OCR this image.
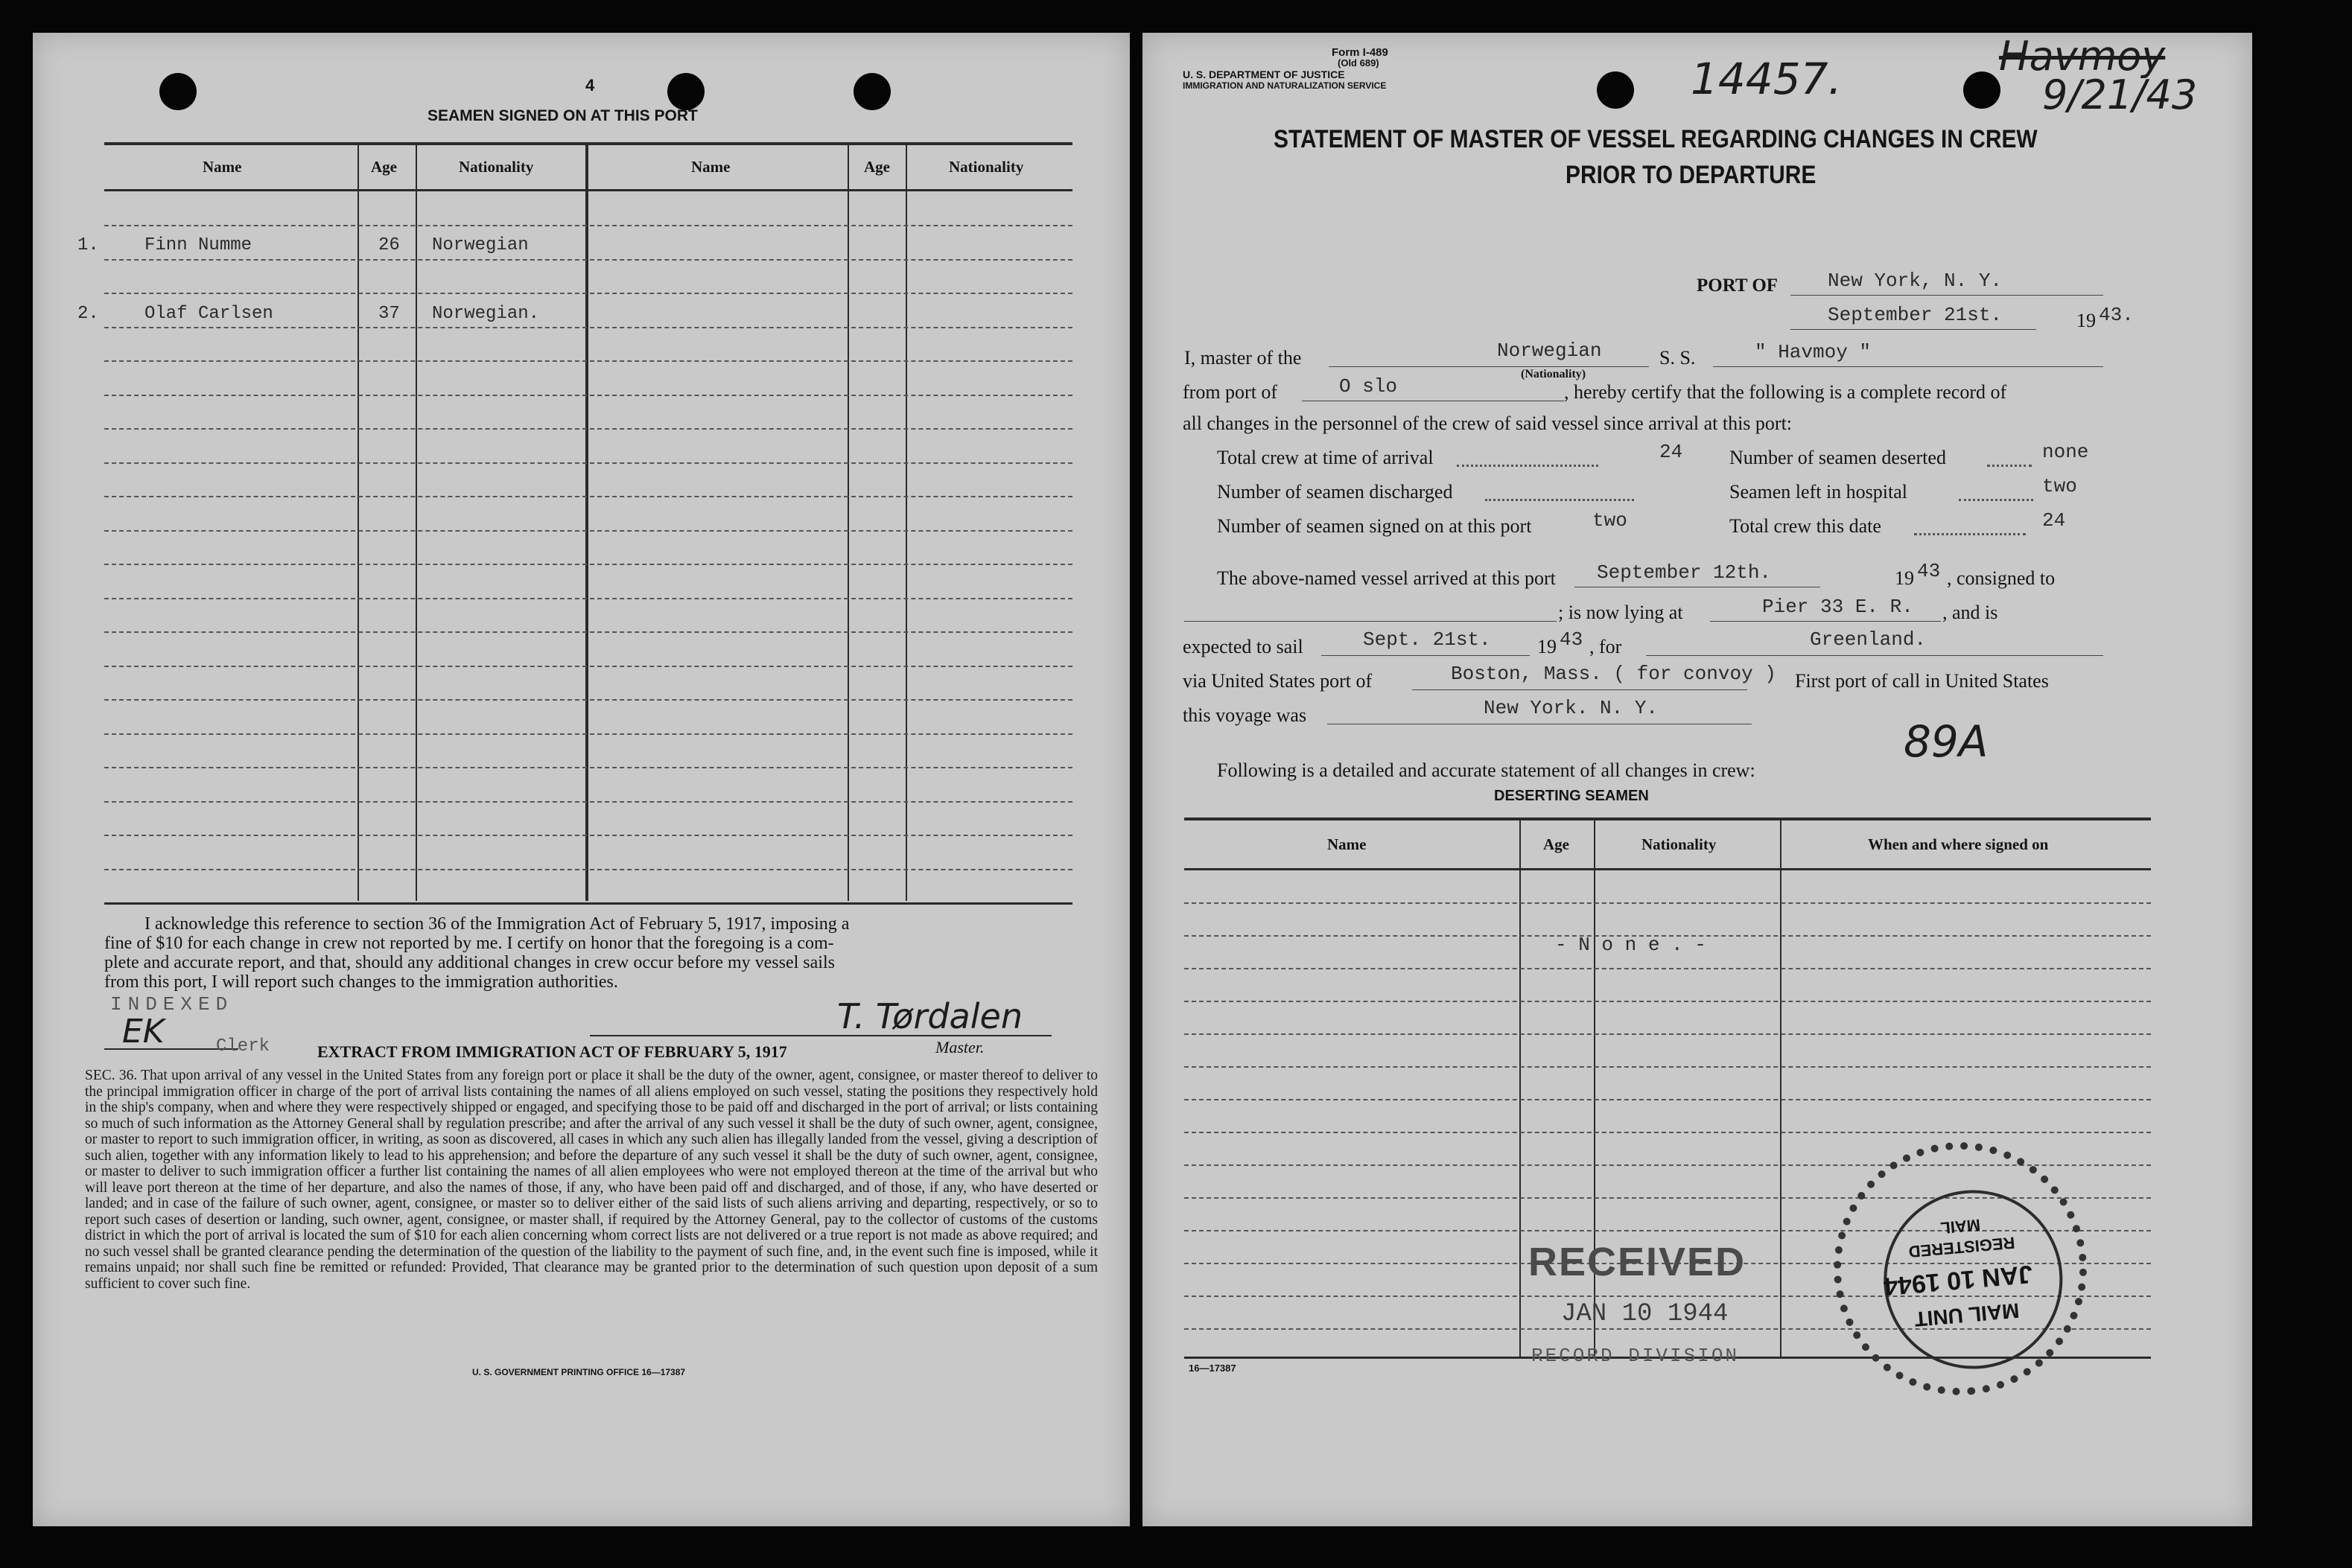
4
SEAMEN SIGNED ON AT THIS PORT
Name	Age	Nationality	Name	Age	Nationality
1.	Finn Numme	26 Norwegian
2.	Olaf Carlsen	37 Norwegian.
I acknowledge this reference to section 36 of the Immigration Act of February 5, 1917, imposing a
fine of $10 for each change in crew not reported by me. I certify on honor that the foregoing is a com-
plete and accurate report, and that, should any additional changes in crew occur before my vessel sails
from this port, I will report such changes to the immigration authorities.
INDEXED
EK	Clerk
T. Tørdalen
Master.
EXTRACT FROM IMMIGRATION ACT OF FEBRUARY 5, 1917
SEC. 36. That upon arrival of any vessel in the United States from any foreign port or place it shall be the duty of the owner, agent, consignee, or master thereof to deliver to the principal immigration officer in charge of the port of arrival lists containing the names of all aliens employed on such vessel, stating the positions they respectively hold in the ship's company, when and where they were respectively shipped or engaged, and specifying those to be paid off and discharged in the port of arrival; or lists containing so much of such information as the Attorney General shall by regulation prescribe; and after the arrival of any such vessel it shall be the duty of such owner, agent, consignee, or master to report to such immigration officer, in writing, as soon as discovered, all cases in which any such alien has illegally landed from the vessel, giving a description of such alien, together with any information likely to lead to his apprehension; and before the departure of any such vessel it shall be the duty of such owner, agent, consignee, or master to deliver to such immigration officer a further list containing the names of all alien employees who were not employed thereon at the time of the arrival but who will leave port thereon at the time of her departure, and also the names of those, if any, who have been paid off and discharged, and of those, if any, who have deserted or landed; and in case of the failure of such owner, agent, consignee, or master so to deliver either of the said lists of such aliens arriving and departing, respectively, or so to report such cases of desertion or landing, such owner, agent, consignee, or master shall, if required by the Attorney General, pay to the collector of customs of the customs district in which the port of arrival is located the sum of $10 for each alien concerning whom correct lists are not delivered or a true report is not made as above required; and no such vessel shall be granted clearance pending the determination of the question of the liability to the payment of such fine, and, in the event such fine is imposed, while it remains unpaid; nor shall such fine be remitted or refunded: Provided, That clearance may be granted prior to the determination of such question upon deposit of a sum sufficient to cover such fine.
U. S. GOVERNMENT PRINTING OFFICE 16—17387
Form I-489
(Old 689)
U. S. DEPARTMENT OF JUSTICE
IMMIGRATION AND NATURALIZATION SERVICE	14457.	Havmoy
9/21/43
STATEMENT OF MASTER OF VESSEL REGARDING CHANGES IN CREW
PRIOR TO DEPARTURE
PORT OF	New York, N. Y.
September 21st.	19 43.
I, master of the	Norwegian
(Nationality)
S. S.	" Havmoy "
from port of	O slo	, hereby certify that the following is a complete record of
all changes in the personnel of the crew of said vessel since arrival at this port:
Total crew at time of arrival	24 Number of seamen deserted	none
Number of seamen discharged	Seamen left in hospital	two
Number of seamen signed on at this port	two	Total crew this date	24
The above-named vessel arrived at this port September 12th.	19 43 , consigned to
; is now lying at	Pier 33 E. R. , and is
expected to sail	Sept. 21st. 19 43 , for	Greenland.
via United States port of	Boston, Mass. ( for convoy ) First port of call in United States
this voyage was	New York. N. Y.
89A
Following is a detailed and accurate statement of all changes in crew:
DESERTING SEAMEN
Name	Age	Nationality	When and where signed on
- N o n e . -
RECEIVED
JAN 10 1944
RECORD DIVISION
MAIL UNIT
JAN 10 1944
REGISTERED
MAIL
16—17387
